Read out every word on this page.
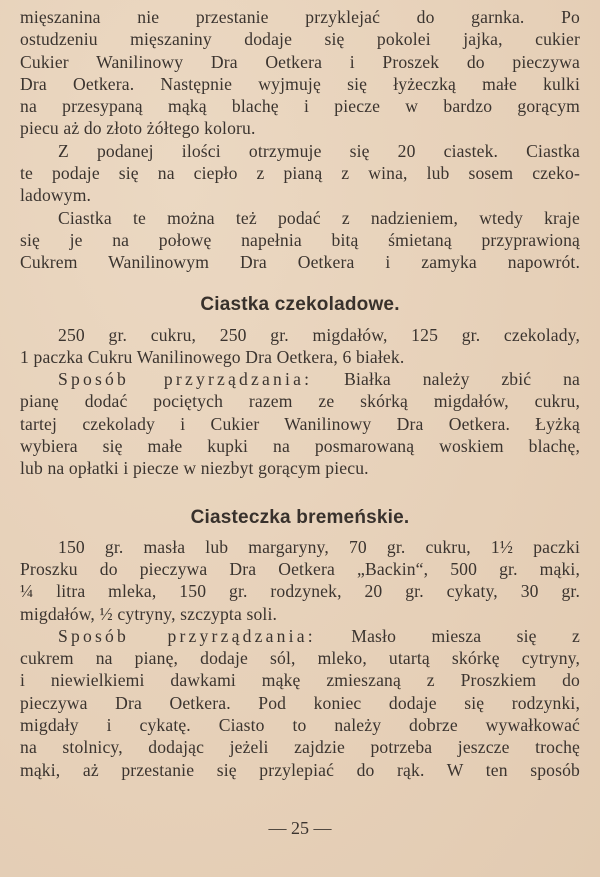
mięszanina nie przestanie przyklejać do garnka. Po
ostudzeniu mięszaniny dodaje się pokolei jajka, cukier
Cukier Wanilinowy Dra Oetkera i Proszek do pieczywa
Dra Oetkera. Następnie wyjmuję się łyżeczką małe kulki
na przesypaną mąką blachę i piecze w bardzo gorącym
piecu aż do złoto żółtego koloru.
Z podanej ilości otrzymuje się 20 ciastek. Ciastka
te podaje się na ciepło z pianą z wina, lub sosem czeko-
ladowym.
Ciastka te można też podać z nadzieniem, wtedy kraje
się je na połowę napełnia bitą śmietaną przyprawioną
Cukrem Wanilinowym Dra Oetkera i zamyka napowrót.
Ciastka czekoladowe.
250 gr. cukru, 250 gr. migdałów, 125 gr. czekolady,
1 paczka Cukru Wanilinowego Dra Oetkera, 6 białek.
Sposób przyrządzania: Białka należy zbić na
pianę dodać pociętych razem ze skórką migdałów, cukru,
tartej czekolady i Cukier Wanilinowy Dra Oetkera. Łyżką
wybiera się małe kupki na posmarowaną woskiem blachę,
lub na opłatki i piecze w niezbyt gorącym piecu.
Ciasteczka bremeńskie.
150 gr. masła lub margaryny, 70 gr. cukru, 1½ paczki
Proszku do pieczywa Dra Oetkera „Backin“, 500 gr. mąki,
¼ litra mleka, 150 gr. rodzynek, 20 gr. cykaty, 30 gr.
migdałów, ½ cytryny, szczypta soli.
Sposób przyrządzania: Masło miesza się z
cukrem na pianę, dodaje sól, mleko, utartą skórkę cytryny,
i niewielkiemi dawkami mąkę zmieszaną z Proszkiem do
pieczywa Dra Oetkera. Pod koniec dodaje się rodzynki,
migdały i cykatę. Ciasto to należy dobrze wywałkować
na stolnicy, dodając jeżeli zajdzie potrzeba jeszcze trochę
mąki, aż przestanie się przylepiać do rąk. W ten sposób
— 25 —
